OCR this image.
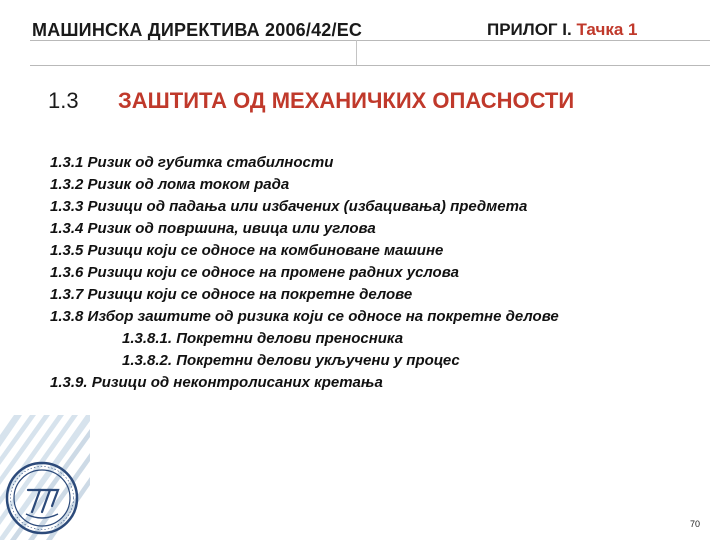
МАШИНСКА ДИРЕКТИВА 2006/42/ЕС	ПРИЛОГ I. Тачка 1
1.3 ЗАШТИТА ОД МЕХАНИЧКИХ ОПАСНОСТИ
1.3.1 Ризик од губитка стабилности
1.3.2 Ризик од лома током рада
1.3.3 Ризици од падања или избачених (избацивања) предмета
1.3.4 Ризик од површина, ивица или углова
1.3.5 Ризици који се односе на комбиноване машине
1.3.6 Ризици који се односе на промене радних услова
1.3.7 Ризици који се односе на покретне делове
1.3.8 Избор заштите од ризика који се односе на покретне делове
1.3.8.1. Покретни делови преносника
1.3.8.2. Покретни делови укључени у процес
1.3.9. Ризици од неконтролисаних кретања
70
